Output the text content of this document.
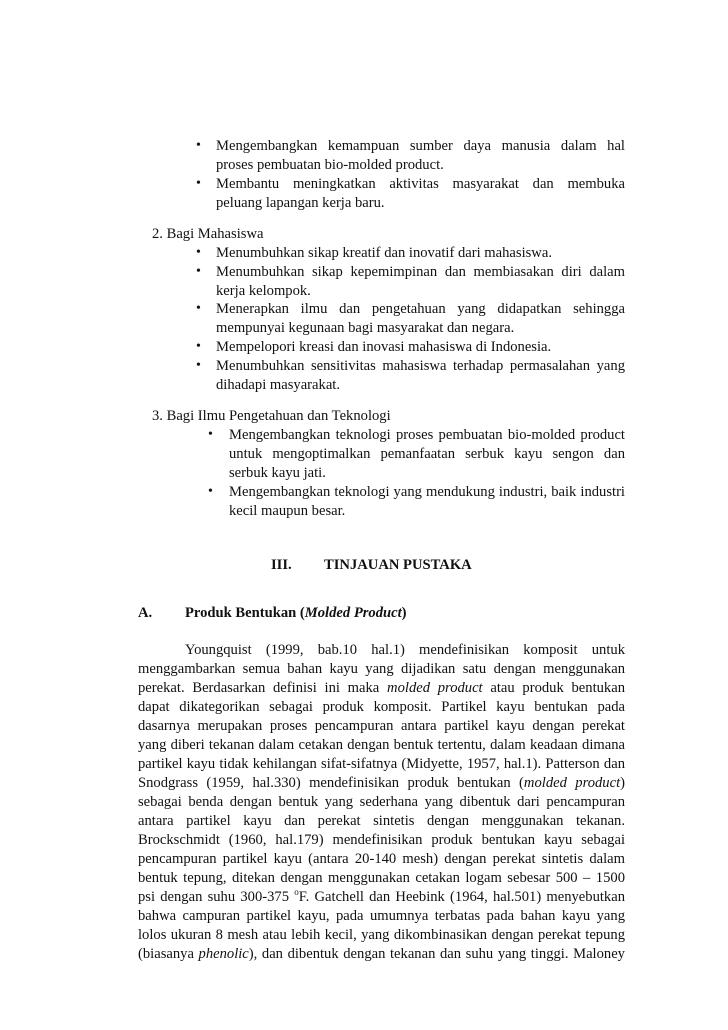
• Mengembangkan kemampuan sumber daya manusia dalam hal
proses pembuatan bio-molded product.
• Membantu meningkatkan aktivitas masyarakat dan membuka
peluang lapangan kerja baru.
2. Bagi Mahasiswa
• Menumbuhkan sikap kreatif dan inovatif dari mahasiswa.
• Menumbuhkan sikap kepemimpinan dan membiasakan diri dalam
kerja kelompok.
• Menerapkan ilmu dan pengetahuan yang didapatkan sehingga
mempunyai kegunaan bagi masyarakat dan negara.
• Mempelopori kreasi dan inovasi mahasiswa di Indonesia.
• Menumbuhkan sensitivitas mahasiswa terhadap permasalahan yang
dihadapi masyarakat.
3. Bagi Ilmu Pengetahuan dan Teknologi
• Mengembangkan teknologi proses pembuatan bio-molded product
untuk mengoptimalkan pemanfaatan serbuk kayu sengon dan
serbuk kayu jati.
• Mengembangkan teknologi yang mendukung industri, baik industri
kecil maupun besar.
III. TINJAUAN PUSTAKA
A. Produk Bentukan (Molded Product)
Youngquist (1999, bab.10 hal.1) mendefinisikan komposit untuk
menggambarkan semua bahan kayu yang dijadikan satu dengan menggunakan
perekat. Berdasarkan definisi ini maka molded product atau produk bentukan
dapat dikategorikan sebagai produk komposit. Partikel kayu bentukan pada
dasarnya merupakan proses pencampuran antara partikel kayu dengan perekat
yang diberi tekanan dalam cetakan dengan bentuk tertentu, dalam keadaan dimana
partikel kayu tidak kehilangan sifat-sifatnya (Midyette, 1957, hal.1). Patterson dan
Snodgrass (1959, hal.330) mendefinisikan produk bentukan (molded product)
sebagai benda dengan bentuk yang sederhana yang dibentuk dari pencampuran
antara partikel kayu dan perekat sintetis dengan menggunakan tekanan.
Brockschmidt (1960, hal.179) mendefinisikan produk bentukan kayu sebagai
pencampuran partikel kayu (antara 20-140 mesh) dengan perekat sintetis dalam
bentuk tepung, ditekan dengan menggunakan cetakan logam sebesar 500 – 1500
psi dengan suhu 300-375 $^o$F. Gatchell dan Heebink (1964, hal.501) menyebutkan
bahwa campuran partikel kayu, pada umumnya terbatas pada bahan kayu yang
lolos ukuran 8 mesh atau lebih kecil, yang dikombinasikan dengan perekat tepung
(biasanya phenolic), dan dibentuk dengan tekanan dan suhu yang tinggi. Maloney
